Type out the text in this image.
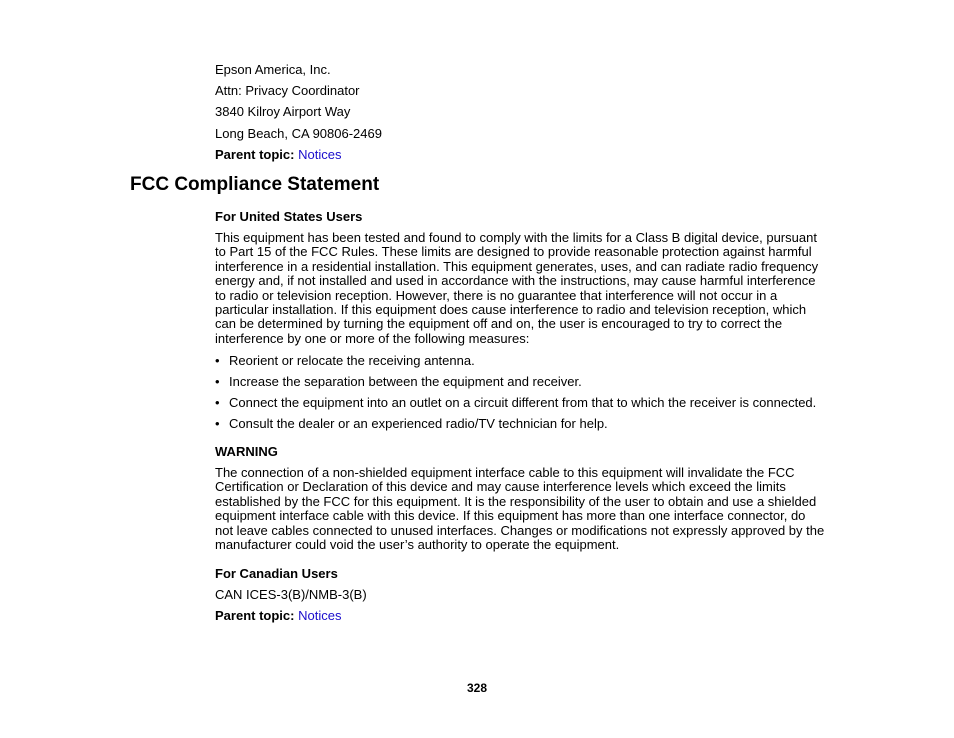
Epson America, Inc.
Attn: Privacy Coordinator
3840 Kilroy Airport Way
Long Beach, CA 90806-2469
Parent topic: Notices
FCC Compliance Statement
For United States Users
This equipment has been tested and found to comply with the limits for a Class B digital device, pursuant to Part 15 of the FCC Rules. These limits are designed to provide reasonable protection against harmful interference in a residential installation. This equipment generates, uses, and can radiate radio frequency energy and, if not installed and used in accordance with the instructions, may cause harmful interference to radio or television reception. However, there is no guarantee that interference will not occur in a particular installation. If this equipment does cause interference to radio and television reception, which can be determined by turning the equipment off and on, the user is encouraged to try to correct the interference by one or more of the following measures:
• Reorient or relocate the receiving antenna.
• Increase the separation between the equipment and receiver.
• Connect the equipment into an outlet on a circuit different from that to which the receiver is connected.
• Consult the dealer or an experienced radio/TV technician for help.
WARNING
The connection of a non-shielded equipment interface cable to this equipment will invalidate the FCC Certification or Declaration of this device and may cause interference levels which exceed the limits established by the FCC for this equipment. It is the responsibility of the user to obtain and use a shielded equipment interface cable with this device. If this equipment has more than one interface connector, do not leave cables connected to unused interfaces. Changes or modifications not expressly approved by the manufacturer could void the user’s authority to operate the equipment.
For Canadian Users
CAN ICES-3(B)/NMB-3(B)
Parent topic: Notices
328
